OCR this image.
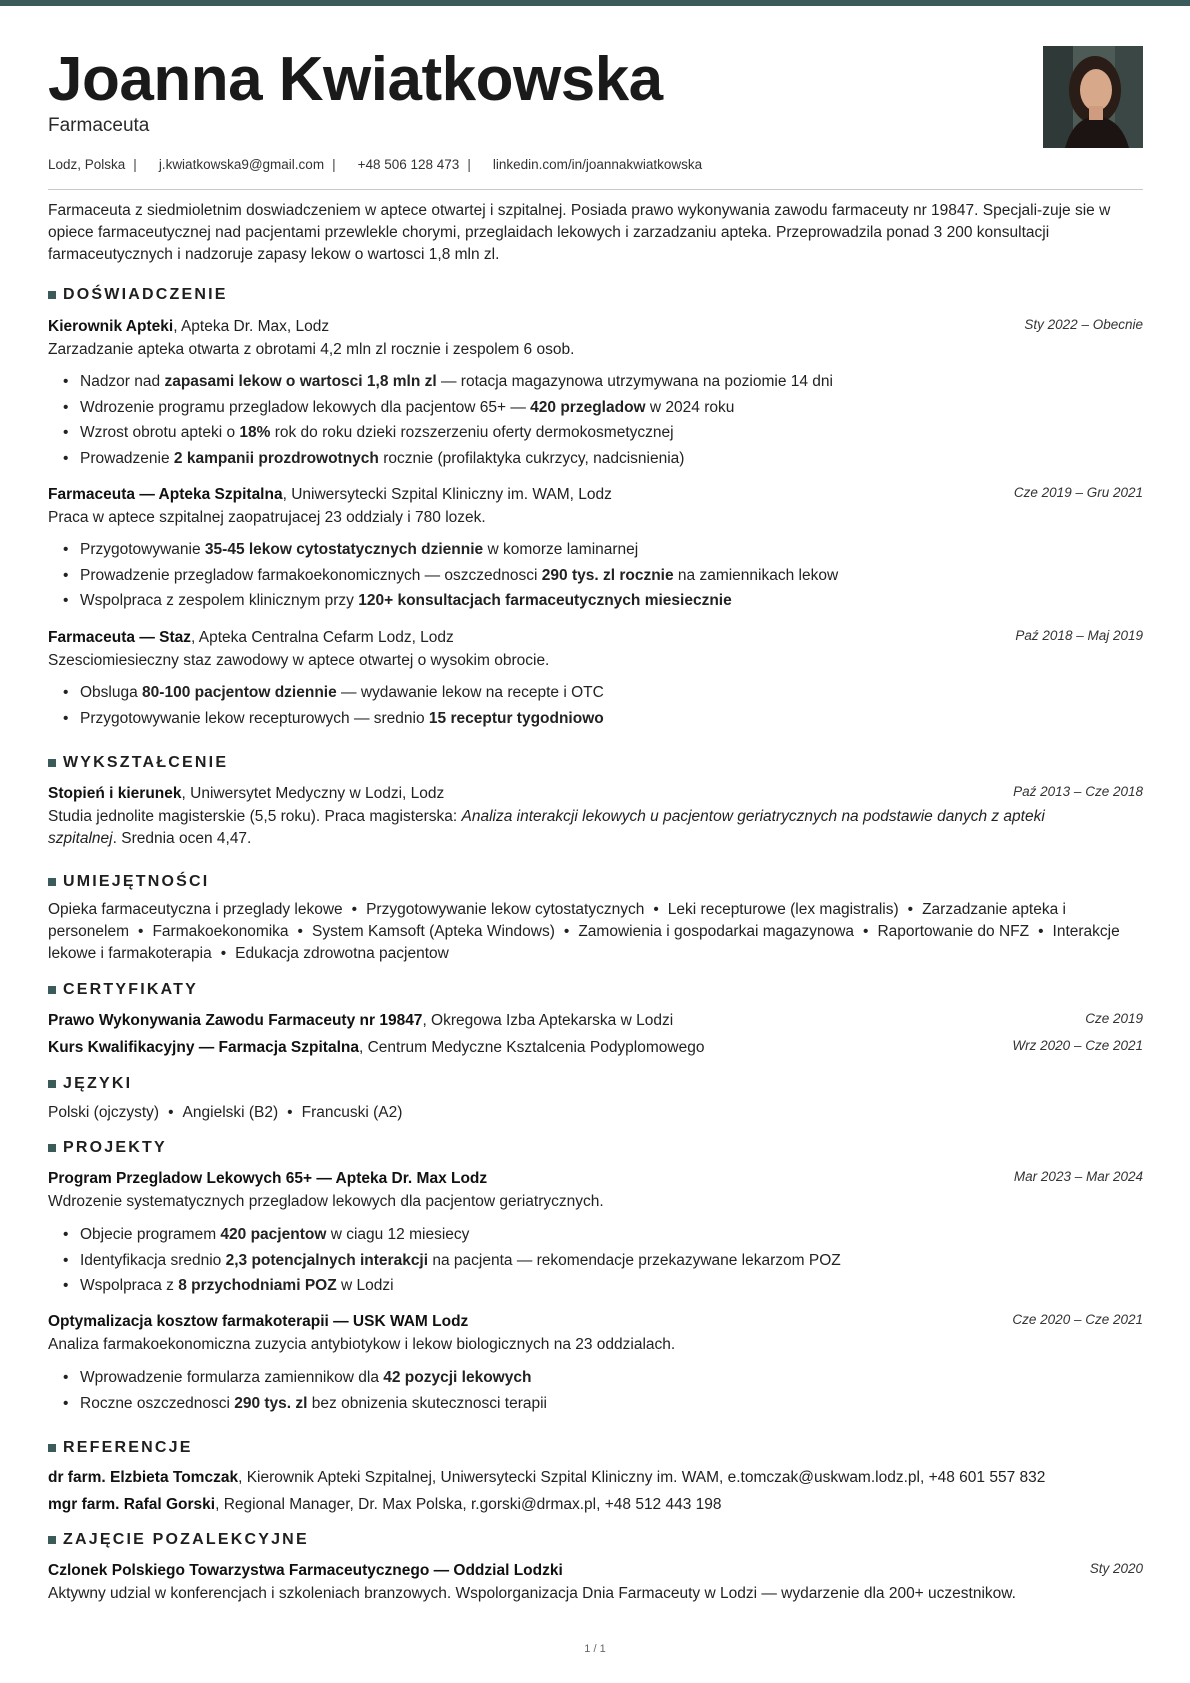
Joanna Kwiatkowska
Farmaceuta
Lodz, Polska |	j.kwiatkowska9@gmail.com |	+48 506 128 473 |	linkedin.com/in/joannakwiatkowska
Farmaceuta z siedmioletnim doswiadczeniem w aptece otwartej i szpitalnej. Posiada prawo wykonywania zawodu farmaceuty nr 19847. Specjali-zuje sie w opiece farmaceutycznej nad pacjentami przewlekle chorymi, przeglaidach lekowych i zarzadzaniu apteka. Przeprowadzila ponad 3 200 konsultacji farmaceutycznych i nadzoruje zapasy lekow o wartosci 1,8 mln zl.
DOŚWIADCZENIE
Kierownik Apteki, Apteka Dr. Max, Lodz	Sty 2022 – Obecnie
Zarzadzanie apteka otwarta z obrotami 4,2 mln zl rocznie i zespolem 6 osob.
• Nadzor nad zapasami lekow o wartosci 1,8 mln zl — rotacja magazynowa utrzymywana na poziomie 14 dni
• Wdrozenie programu przegladow lekowych dla pacjentow 65+ — 420 przegladow w 2024 roku
• Wzrost obrotu apteki o 18% rok do roku dzieki rozszerzeniu oferty dermokosmetycznej
• Prowadzenie 2 kampanii prozdrowotnych rocznie (profilaktyka cukrzycy, nadcisnienia)
Farmaceuta — Apteka Szpitalna, Uniwersytecki Szpital Kliniczny im. WAM, Lodz	Cze 2019 – Gru 2021
Praca w aptece szpitalnej zaopatrujacej 23 oddzialy i 780 lozek.
• Przygotowywanie 35-45 lekow cytostatycznych dziennie w komorze laminarnej
• Prowadzenie przegladow farmakoekonomicznych — oszczednosci 290 tys. zl rocznie na zamiennikach lekow
• Wspolpraca z zespolem klinicznym przy 120+ konsultacjach farmaceutycznych miesiecznie
Farmaceuta — Staz, Apteka Centralna Cefarm Lodz, Lodz	Paź 2018 – Maj 2019
Szesciomiesieczny staz zawodowy w aptece otwartej o wysokim obrocie.
• Obsluga 80-100 pacjentow dziennie — wydawanie lekow na recepte i OTC
• Przygotowywanie lekow recepturowych — srednio 15 receptur tygodniowo
WYKSZTAŁCENIE
Stopień i kierunek, Uniwersytet Medyczny w Lodzi, Lodz	Paź 2013 – Cze 2018
Studia jednolite magisterskie (5,5 roku). Praca magisterska: Analiza interakcji lekowych u pacjentow geriatrycznych na podstawie danych z apteki
szpitalnej. Srednia ocen 4,47.
UMIEJĘTNOŚCI
Opieka farmaceutyczna i przeglady lekowe • Przygotowywanie lekow cytostatycznych • Leki recepturowe (lex magistralis) • Zarzadzanie apteka i personelem • Farmakoekonomika • System Kamsoft (Apteka Windows) • Zamowienia i gospodarkai magazynowa • Raportowanie do NFZ • Interakcje lekowe i farmakoterapia • Edukacja zdrowotna pacjentow
CERTYFIKATY
Prawo Wykonywania Zawodu Farmaceuty nr 19847, Okregowa Izba Aptekarska w Lodzi	Cze 2019
Kurs Kwalifikacyjny — Farmacja Szpitalna, Centrum Medyczne Ksztalcenia Podyplomowego	Wrz 2020 – Cze 2021
JĘZYKI
Polski (ojczysty) • Angielski (B2) • Francuski (A2)
PROJEKTY
Program Przegladow Lekowych 65+ — Apteka Dr. Max Lodz	Mar 2023 – Mar 2024
Wdrozenie systematycznych przegladow lekowych dla pacjentow geriatrycznych.
• Objecie programem 420 pacjentow w ciagu 12 miesiecy
• Identyfikacja srednio 2,3 potencjalnych interakcji na pacjenta — rekomendacje przekazywane lekarzom POZ
• Wspolpraca z 8 przychodniami POZ w Lodzi
Optymalizacja kosztow farmakoterapii — USK WAM Lodz	Cze 2020 – Cze 2021
Analiza farmakoekonomiczna zuzycia antybiotykow i lekow biologicznych na 23 oddzialach.
• Wprowadzenie formularza zamiennikow dla 42 pozycji lekowych
• Roczne oszczednosci 290 tys. zl bez obnizenia skutecznosci terapii
REFERENCJE
dr farm. Elzbieta Tomczak, Kierownik Apteki Szpitalnej, Uniwersytecki Szpital Kliniczny im. WAM, e.tomczak@uskwam.lodz.pl, +48 601 557 832
mgr farm. Rafal Gorski, Regional Manager, Dr. Max Polska, r.gorski@drmax.pl, +48 512 443 198
ZAJĘCIE POZALEKCYJNE
Czlonek Polskiego Towarzystwa Farmaceutycznego — Oddzial Lodzki	Sty 2020
Aktywny udzial w konferencjach i szkoleniach branzowych. Wspolorganizacja Dnia Farmaceuty w Lodzi — wydarzenie dla 200+ uczestnikow.
1 / 1
